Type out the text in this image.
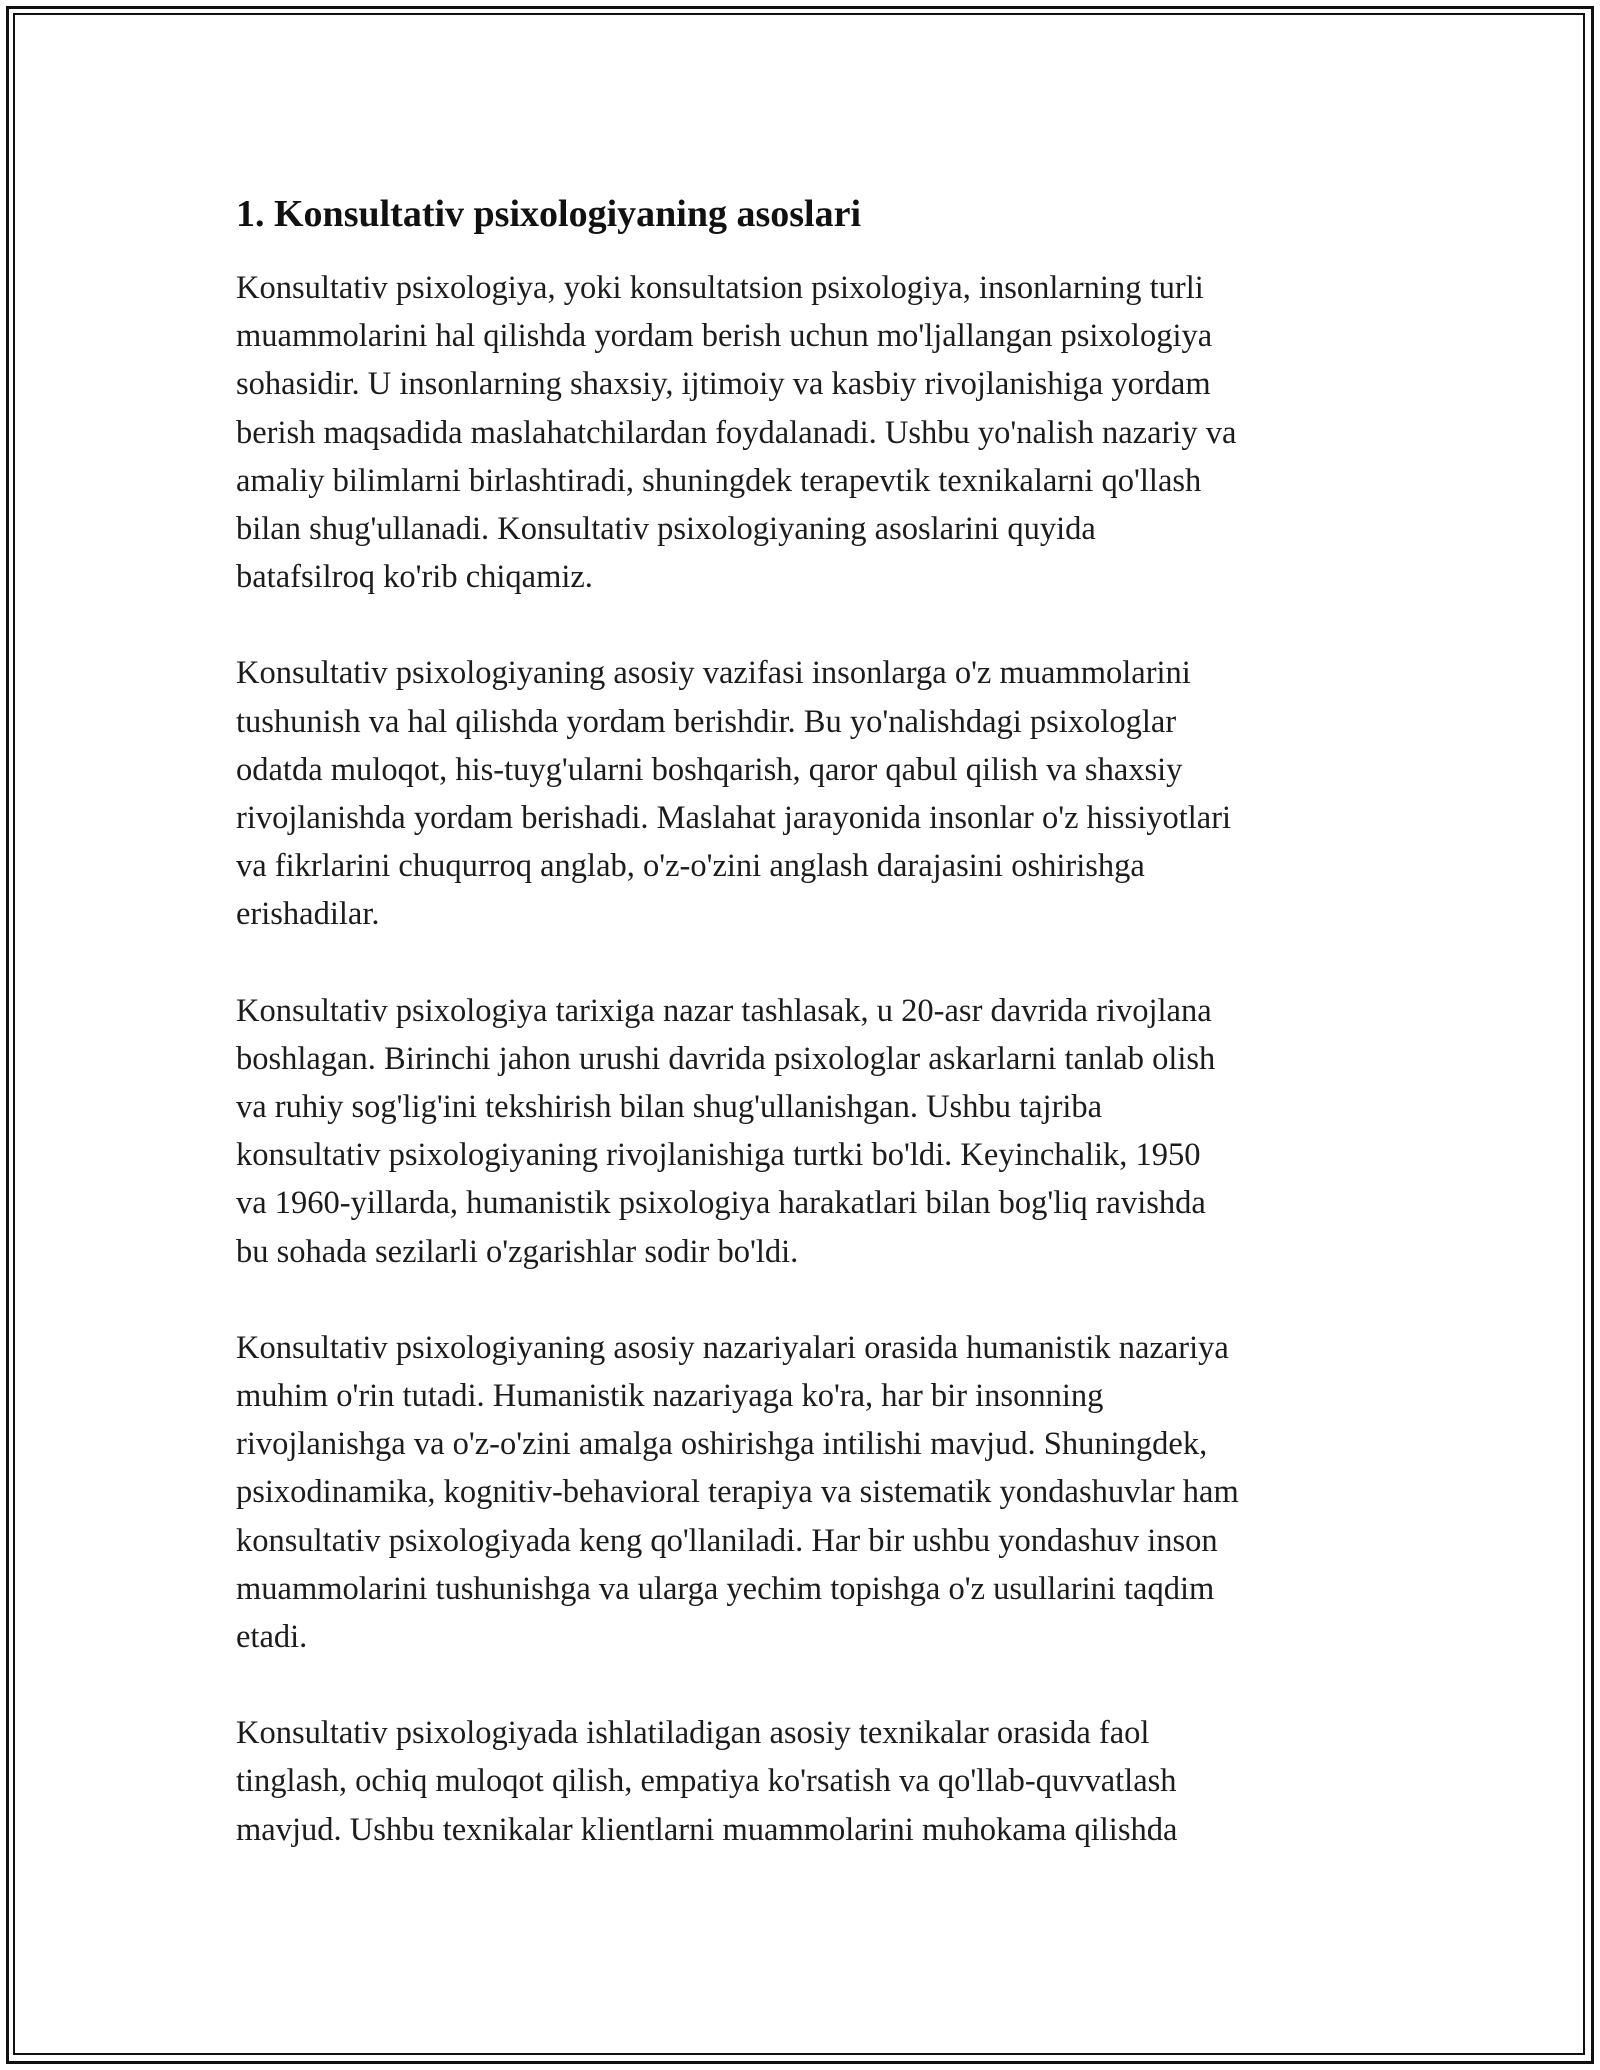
1. Konsultativ psixologiyaning asoslari

Konsultativ psixologiya, yoki konsultatsion psixologiya, insonlarning turli
muammolarini hal qilishda yordam berish uchun mo'ljallangan psixologiya
sohasidir. U insonlarning shaxsiy, ijtimoiy va kasbiy rivojlanishiga yordam
berish maqsadida maslahatchilardan foydalanadi. Ushbu yo'nalish nazariy va
amaliy bilimlarni birlashtiradi, shuningdek terapevtik texnikalarni qo'llash
bilan shug'ullanadi. Konsultativ psixologiyaning asoslarini quyida
batafsilroq ko'rib chiqamiz.

Konsultativ psixologiyaning asosiy vazifasi insonlarga o'z muammolarini
tushunish va hal qilishda yordam berishdir. Bu yo'nalishdagi psixologlar
odatda muloqot, his-tuyg'ularni boshqarish, qaror qabul qilish va shaxsiy
rivojlanishda yordam berishadi. Maslahat jarayonida insonlar o'z hissiyotlari
va fikrlarini chuqurroq anglab, o'z-o'zini anglash darajasini oshirishga
erishadilar.

Konsultativ psixologiya tarixiga nazar tashlasak, u 20-asr davrida rivojlana
boshlagan. Birinchi jahon urushi davrida psixologlar askarlarni tanlab olish
va ruhiy sog'lig'ini tekshirish bilan shug'ullanishgan. Ushbu tajriba
konsultativ psixologiyaning rivojlanishiga turtki bo'ldi. Keyinchalik, 1950
va 1960-yillarda, humanistik psixologiya harakatlari bilan bog'liq ravishda
bu sohada sezilarli o'zgarishlar sodir bo'ldi.

Konsultativ psixologiyaning asosiy nazariyalari orasida humanistik nazariya
muhim o'rin tutadi. Humanistik nazariyaga ko'ra, har bir insonning
rivojlanishga va o'z-o'zini amalga oshirishga intilishi mavjud. Shuningdek,
psixodinamika, kognitiv-behavioral terapiya va sistematik yondashuvlar ham
konsultativ psixologiyada keng qo'llaniladi. Har bir ushbu yondashuv inson
muammolarini tushunishga va ularga yechim topishga o'z usullarini taqdim
etadi.

Konsultativ psixologiyada ishlatiladigan asosiy texnikalar orasida faol
tinglash, ochiq muloqot qilish, empatiya ko'rsatish va qo'llab-quvvatlash
mavjud. Ushbu texnikalar klientlarni muammolarini muhokama qilishda
